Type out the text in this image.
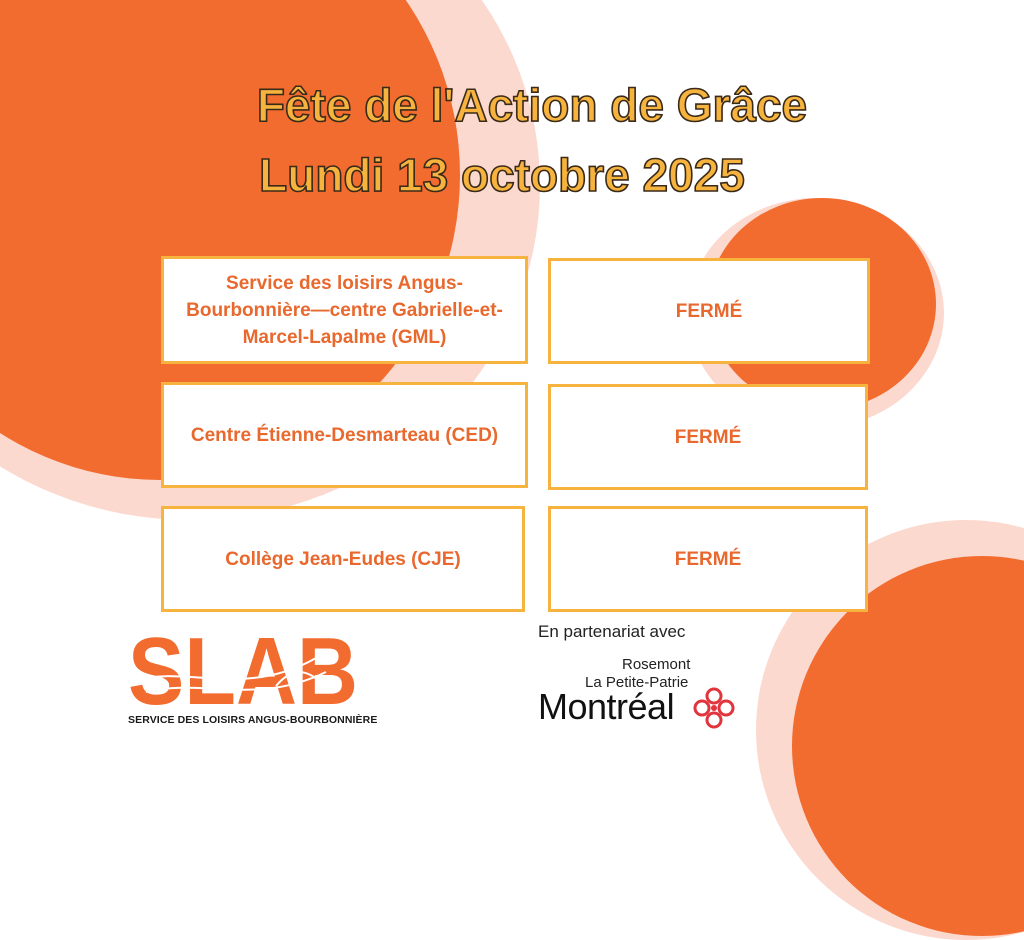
Fête de l'Action de Grâce
Lundi 13 octobre 2025
Service des loisirs Angus-Bourbonnière—centre Gabrielle-et-Marcel-Lapalme (GML)
FERMÉ
Centre Étienne-Desmarteau (CED)	FERMÉ
Collège Jean-Eudes (CJE)	FERMÉ
SLAB
SERVICE DES LOISIRS ANGUS-BOURBONNIÈRE
En partenariat avec
Rosemont
La Petite-Patrie
Montréal
